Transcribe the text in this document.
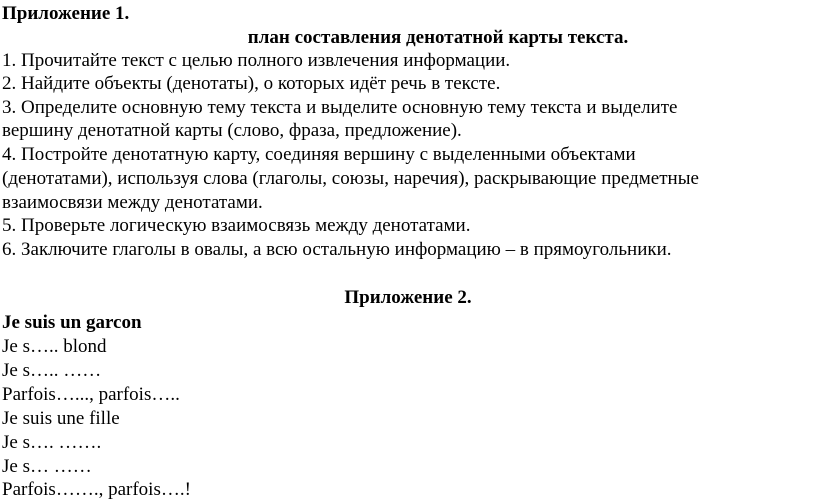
Приложение 1.
план составления денотатной карты текста.
1. Прочитайте текст с целью полного извлечения информации.
2. Найдите объекты (денотаты), о которых идёт речь в тексте.
3. Определите основную тему текста и выделите основную тему текста и выделите
вершину денотатной карты (слово, фраза, предложение).
4. Постройте денотатную карту, соединяя вершину с выделенными объектами
(денотатами), используя слова (глаголы, союзы, наречия), раскрывающие предметные
взаимосвязи между денотатами.
5. Проверьте логическую взаимосвязь между денотатами.
6. Заключите глаголы в овалы, а всю остальную информацию – в прямоугольники.
Приложение 2.
Je suis un garcon
Je s….. blond
Je s….. ……
Parfois…..., parfois…..
Je suis une fille
Je s…. …….
Je s… ……
Parfois……., parfois….!
